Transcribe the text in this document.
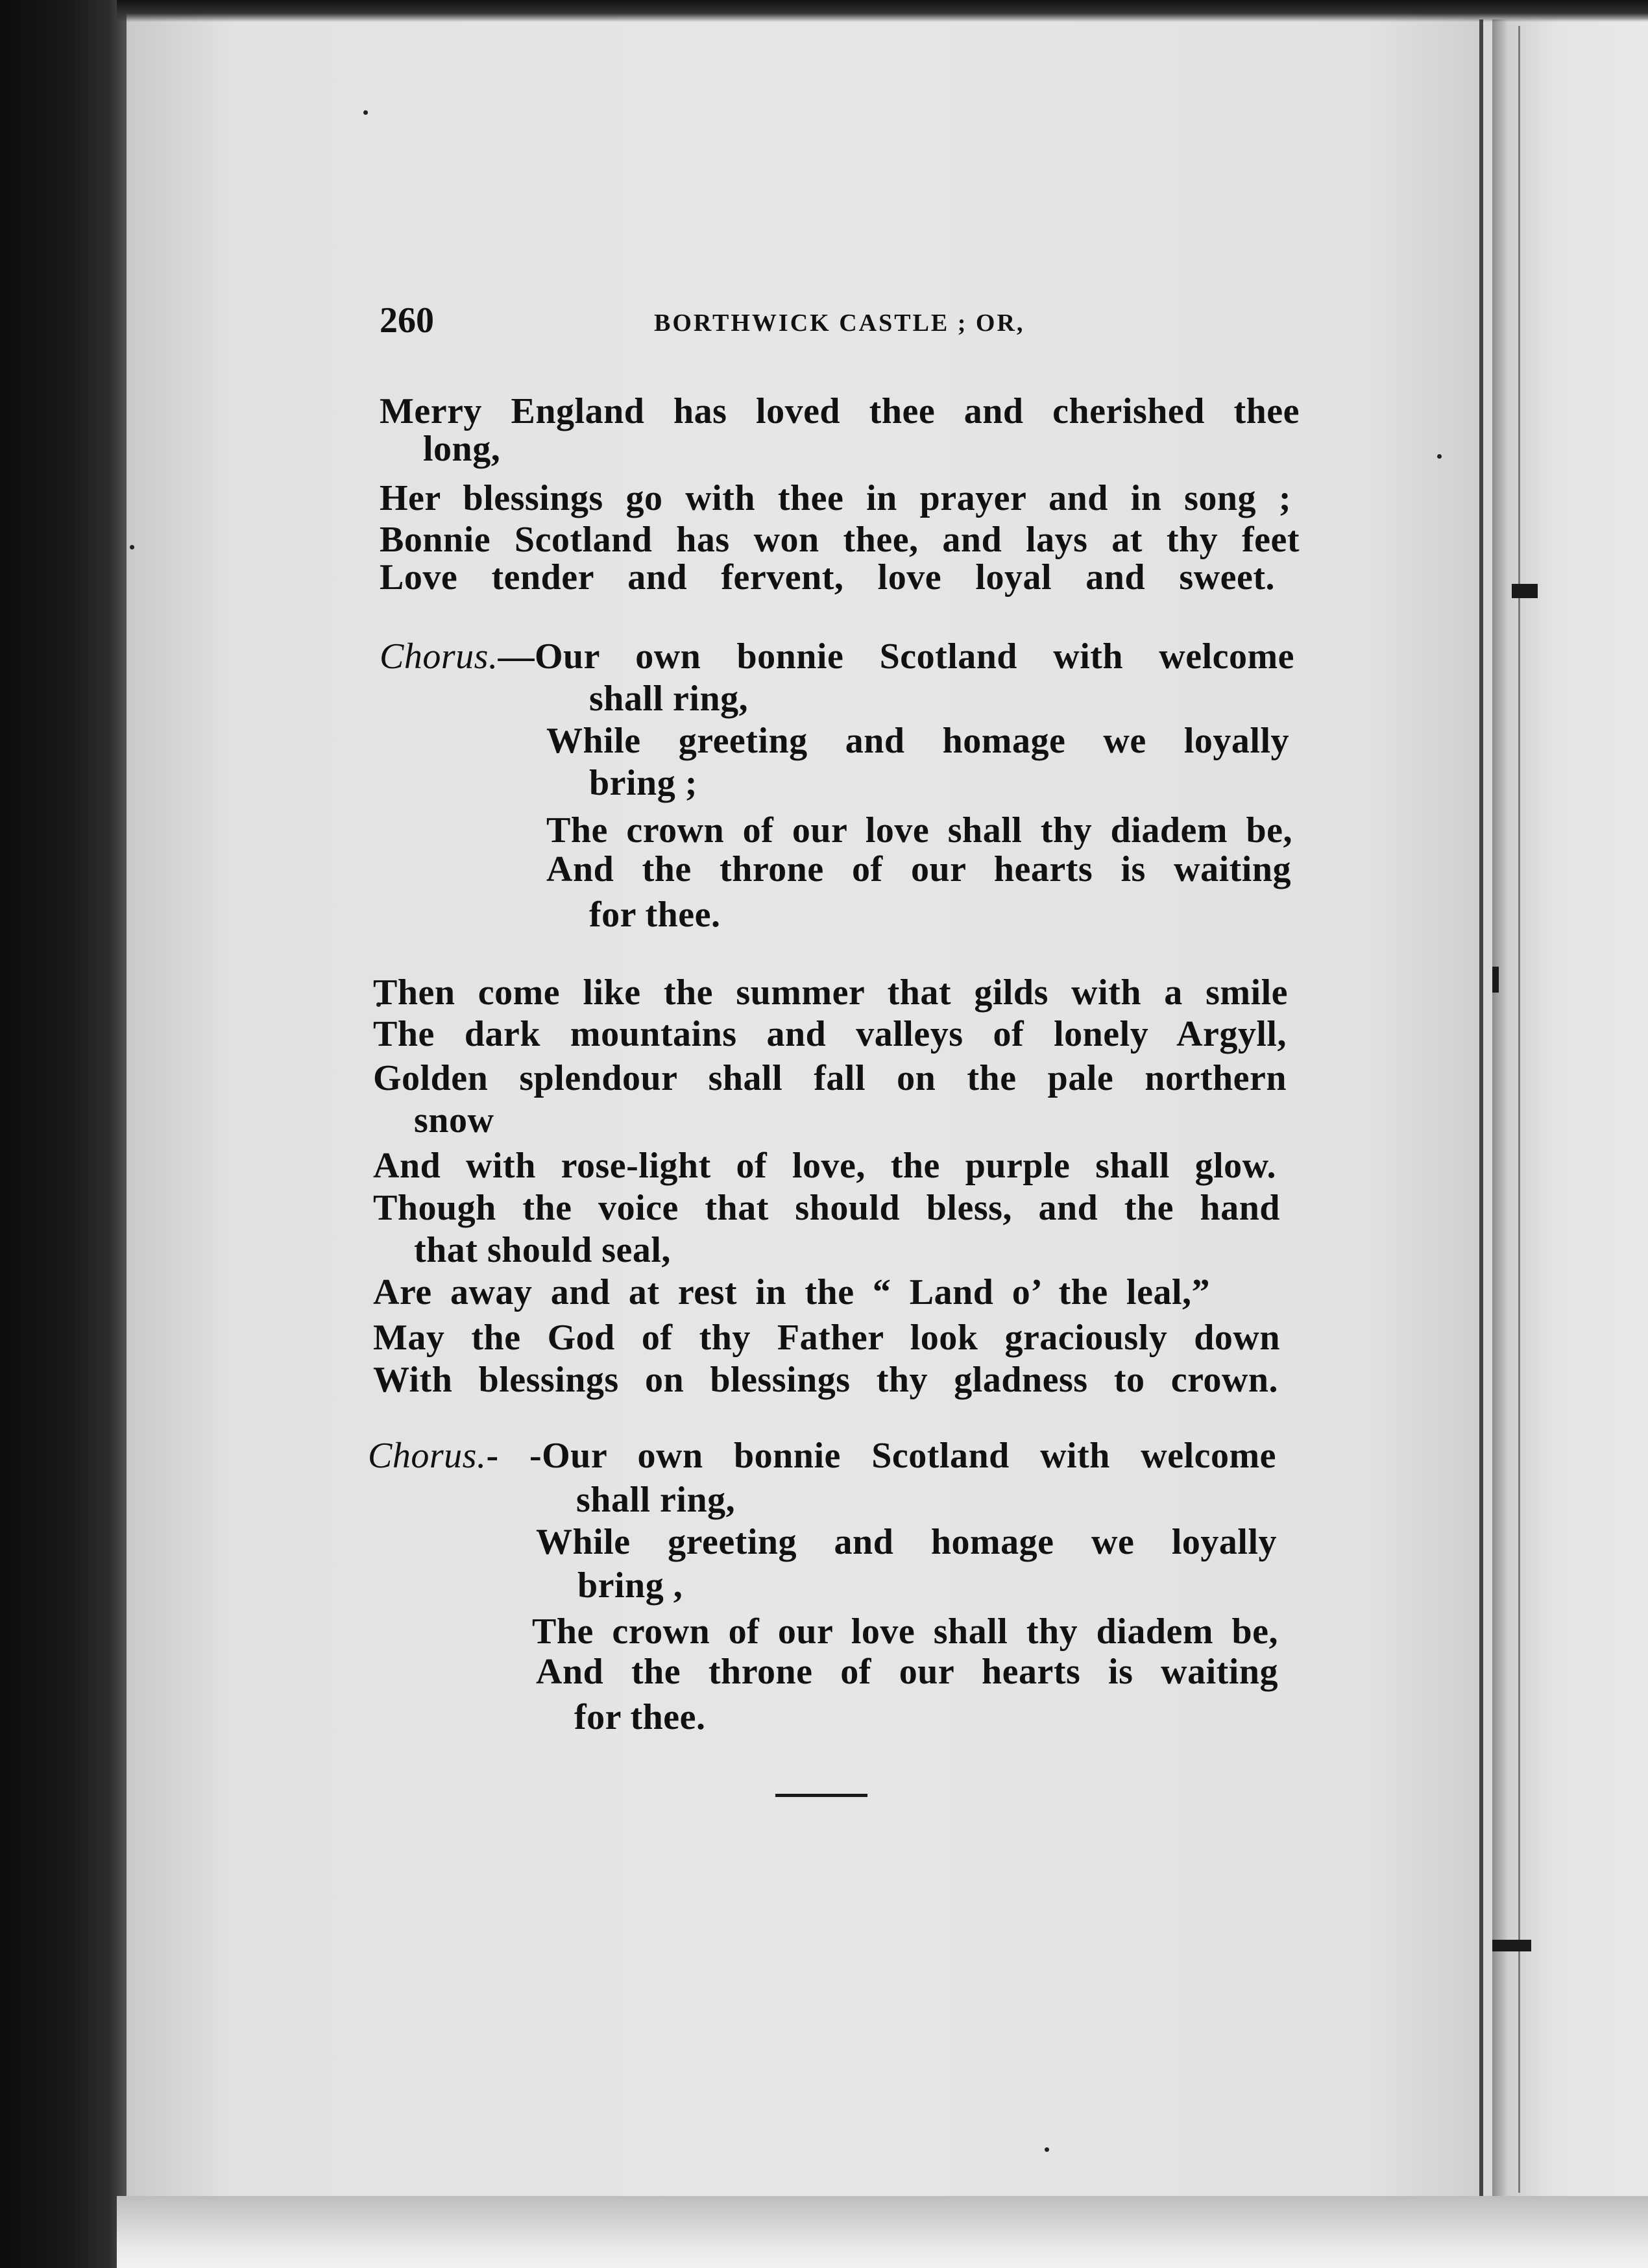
260	BORTHWICK CASTLE ; OR,
Merry England has loved thee and cherished thee
long,
Her blessings go with thee in prayer and in song ;
Bonnie Scotland has won thee, and lays at thy feet
Love tender and fervent, love loyal and sweet.
Chorus.—Our own bonnie Scotland with welcome
shall ring,
While greeting and homage we loyally
bring ;
The crown of our love shall thy diadem be,
And the throne of our hearts is waiting
for thee.
Then come like the summer that gilds with a smile
The dark mountains and valleys of lonely Argyll,
Golden splendour shall fall on the pale northern
snow
And with rose-light of love, the purple shall glow.
Though the voice that should bless, and the hand
that should seal,
Are away and at rest in the “ Land o’ the leal,”
May the God of thy Father look graciously down
With blessings on blessings thy gladness to crown.
Chorus.- -Our own bonnie Scotland with welcome
shall ring,
While greeting and homage we loyally
bring ,
The crown of our love shall thy diadem be,
And the throne of our hearts is waiting
for thee.
